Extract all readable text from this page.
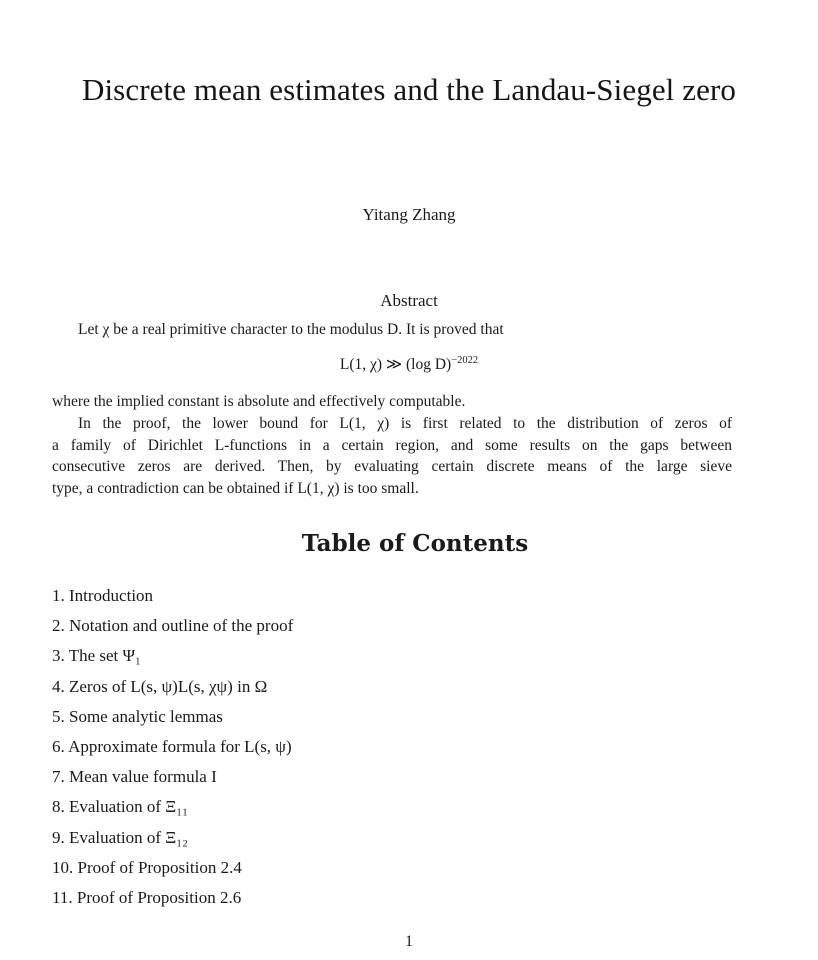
Discrete mean estimates and the Landau-Siegel zero
Yitang Zhang
Abstract
Let χ be a real primitive character to the modulus D. It is proved that
L(1, χ) ≫ (log D)$^{-2022}$
where the implied constant is absolute and effectively computable.
In the proof, the lower bound for L(1, χ) is first related to the distribution of zeros of
a family of Dirichlet L-functions in a certain region, and some results on the gaps between
consecutive zeros are derived. Then, by evaluating certain discrete means of the large sieve
type, a contradiction can be obtained if L(1, χ) is too small.
Table of Contents
1. Introduction
2. Notation and outline of the proof
3. The set Ψ₁
4. Zeros of L(s, ψ)L(s, χψ) in Ω
5. Some analytic lemmas
6. Approximate formula for L(s, ψ)
7. Mean value formula I
8. Evaluation of Ξ₁₁
9. Evaluation of Ξ₁₂
10. Proof of Proposition 2.4
11. Proof of Proposition 2.6
1
